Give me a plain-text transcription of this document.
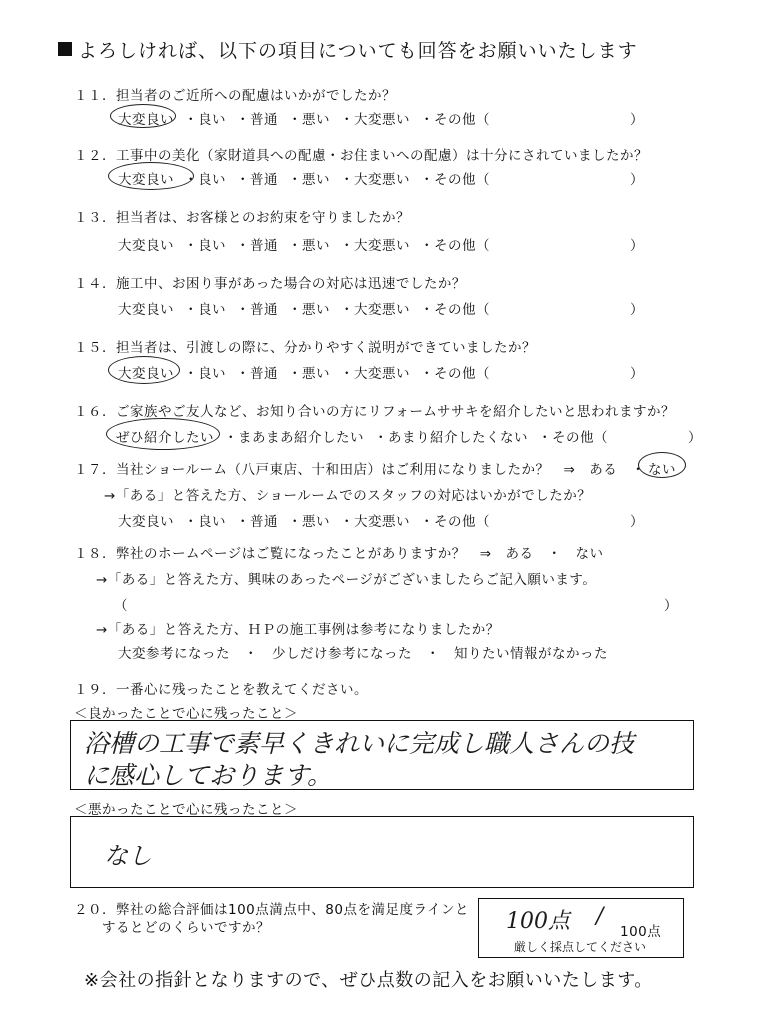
よろしければ、以下の項目についても回答をお願いいたします
１１．担当者のご近所への配慮はいかがでしたか？
大変良い ・良い ・普通 ・悪い ・大変悪い ・その他（	）
１２．工事中の美化（家財道具への配慮・お住まいへの配慮）は十分にされていましたか？
大変良い ・良い ・普通 ・悪い ・大変悪い ・その他（	）
１３．担当者は、お客様とのお約束を守りましたか？
大変良い ・良い ・普通 ・悪い ・大変悪い ・その他（	）
１４．施工中、お困り事があった場合の対応は迅速でしたか？
大変良い ・良い ・普通 ・悪い ・大変悪い ・その他（	）
１５．担当者は、引渡しの際に、分かりやすく説明ができていましたか？
大変良い ・良い ・普通 ・悪い ・大変悪い ・その他（	）
１６．ご家族やご友人など、お知り合いの方にリフォームササキを紹介したいと思われますか？
ぜひ紹介したい ・まあまあ紹介したい ・あまり紹介したくない ・その他（	）
１７．当社ショールーム（八戸東店、十和田店）はご利用になりましたか？　⇒　ある　・ ない
→「ある」と答えた方、ショールームでのスタッフの対応はいかがでしたか？
大変良い ・良い ・普通 ・悪い ・大変悪い ・その他（	）
１８．弊社のホームページはご覧になったことがありますか？　⇒　ある　・　ない
→「ある」と答えた方、興味のあったページがございましたらご記入願います。
（	）
→「ある」と答えた方、ＨＰの施工事例は参考になりましたか？
大変参考になった　・　少しだけ参考になった　・　知りたい情報がなかった
１９．一番心に残ったことを教えてください。
＜良かったことで心に残ったこと＞
浴槽の工事で素早くきれいに完成し職人さんの技
に感心しております。
＜悪かったことで心に残ったこと＞
なし
２０．弊社の総合評価は100点満点中、80点を満足度ラインと
するとどのくらいですか？	100点 /
100点
厳しく採点してください
※会社の指針となりますので、ぜひ点数の記入をお願いいたします。
